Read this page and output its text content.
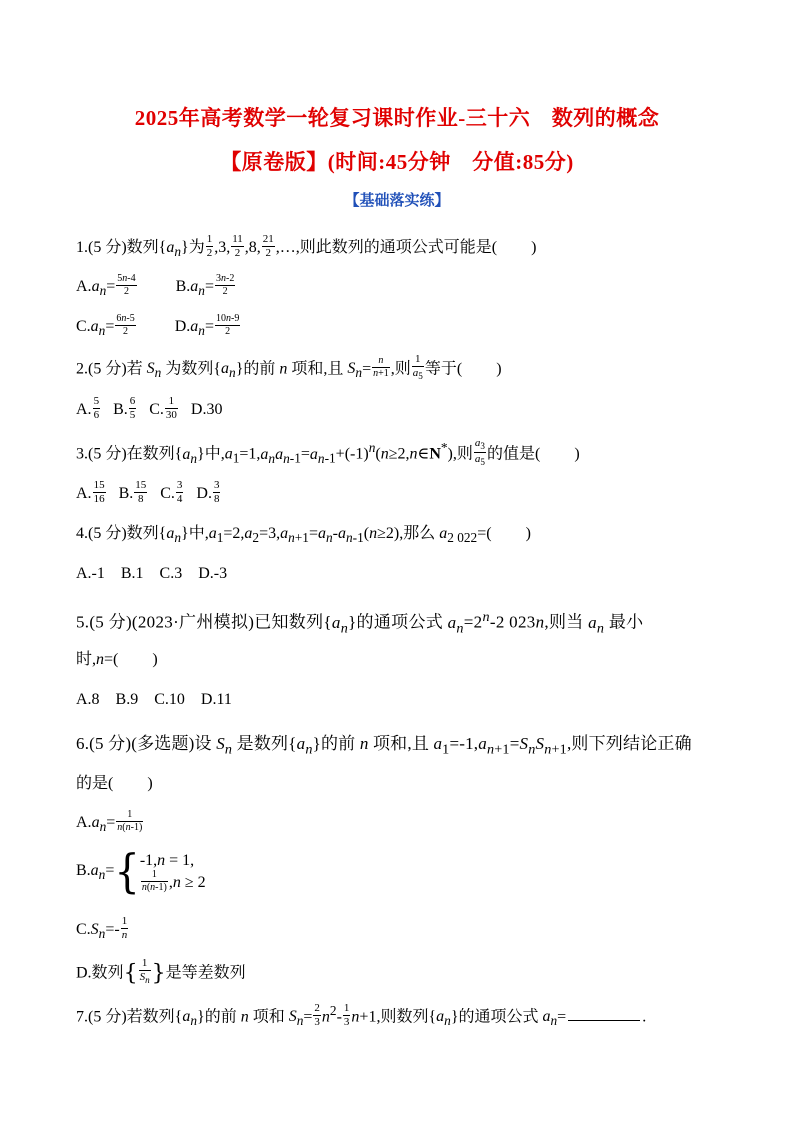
2025年高考数学一轮复习课时作业-三十六　数列的概念
【原卷版】(时间:45分钟　分值:85分)
【基础落实练】
1.(5 分)数列$\{a_n\}$为 $\frac{1}{2} ,3$, $\frac{11}{2} ,8$, $\frac{21}{2}$ ,…,则此数列的通项公式可能是( )
$A.a_n= \frac{5n-4}{2} B.a_n= \frac{3n-2}{2}$
$C.a_n= \frac{6n-5}{2} D.a_n= \frac{10n-9}{2}$
2.(5 分)若 $S_n$ 为数列$\{a_n\}$的前 n 项和,且 $S_n= \frac{n}{n+1}$ ,则 $\frac{1}{a_5}$ 等于( )
A. $\frac{5}{6} B$. $\frac{6}{5} C$. $\frac{1}{30} D.30$
3.(5 分)在数列$\{a_n\}$中$,a_1=1,a_na_{n-1}=a_{n-1}+(-1)^n(n\ge 2,n\in N^*)$,则 $\frac{a_3}{a_5}$ 的值是( )
A. $\frac{15}{16} B$. $\frac{15}{8} C$. $\frac{3}{4} D$. $\frac{3}{8}$
4.(5 分)数列$\{a_n\}$中$,a_1=2,a_2=3,a_{n+1}=a_n-a_{n-1}(n\ge 2)$,那么 $a_{2 022}=$( )
A.-1　B.1　C.3　D.-3
5.(5 分)(2023·广州模拟)已知数列$\{a_n\}$的通项公式 $a_n=2^n-2$ 023n,则当 $a_n$ 最小
时,n=( )
A.8　B.9　C.10　D.11
6.(5 分)(多选题)设 $S_n$ 是数列$\{a_n\}$的前 n 项和,且 $a_1=-1,a_{n+1}=S_nS_{n+1}$,则下列结论正确
的是( )
$A.a_n= \frac{1}{n(n-1)}$
$B.a_n=${ -1,n = 1,
$\frac{1}{n(n-1)} ,n \ge 2$
$C.S_n=- \frac{1}{n}$
D.数列{ $\frac{1}{S_n}$ }是等差数列
7.(5 分)若数列$\{a_n\}$的前 n 项和 $S_n= \frac{2}{3} n^2- \frac{1}{3} n+1$,则数列$\{a_n\}$的通项公式 $a_n=$	.
